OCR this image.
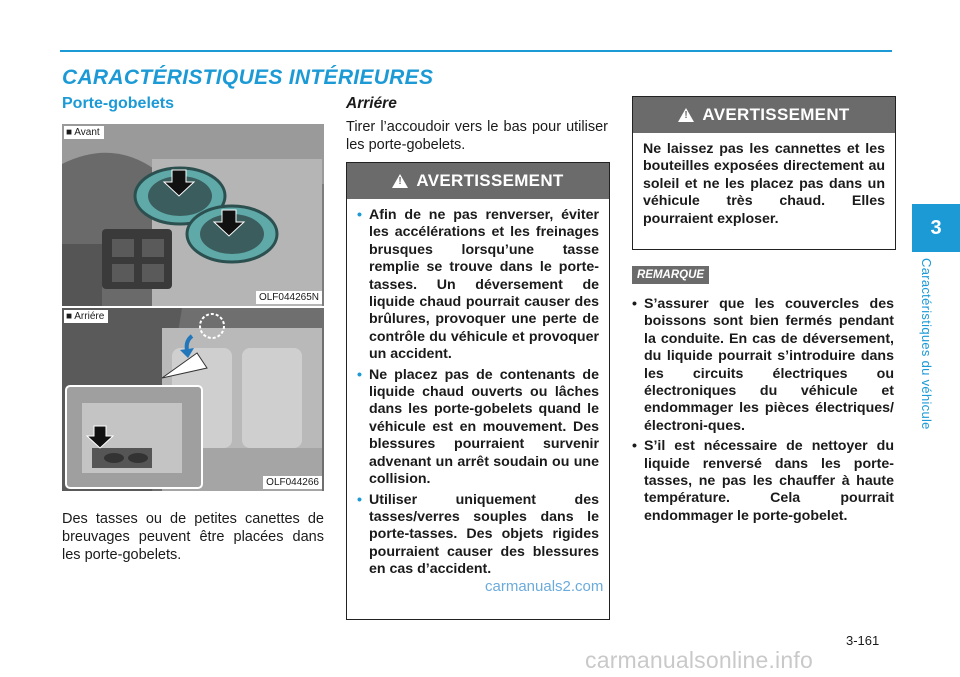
CARACTÉRISTIQUES INTÉRIEURES
Porte-gobelets
■ Avant
OLF044265N
■ Arriére
OLF044266
Des tasses ou de petites canettes de breuvages peuvent être placées dans les porte-gobelets.
Arriére
Tirer l’accoudoir vers le bas pour utiliser les porte-gobelets.
!
AVERTISSEMENT
• Afin de ne pas renverser, éviter les accélérations et les freinages brusques lorsqu’une tasse remplie se trouve dans le porte-tasses. Un déversement de liquide chaud pourrait causer des brûlures, provoquer une perte de contrôle du véhicule et provoquer un accident.
• Ne placez pas de contenants de liquide chaud ouverts ou lâches dans les porte-gobelets quand le véhicule est en mouvement. Des blessures pourraient survenir advenant un arrêt soudain ou une collision.
• Utiliser uniquement des tasses/verres souples dans le porte-tasses. Des objets rigides pourraient causer des blessures en cas d’accident.
!
AVERTISSEMENT

Ne laissez pas les cannettes et les bouteilles exposées directement au soleil et ne les placez pas dans un véhicule très chaud. Elles pourraient exploser.

REMARQUE
• S’assurer que les couvercles des boissons sont bien fermés pendant la conduite. En cas de déversement, du liquide pourrait s’introduire dans les circuits électriques ou électroniques du véhicule et endommager les pièces électriques/électroni-ques.
• S’il est nécessaire de nettoyer du liquide renversé dans les porte-tasses, ne pas les chauffer à haute température. Cela pourrait endommager le porte-gobelet.
3
Caractéristiques du véhicule
3-161
carmanuals2.com
carmanualsonline.info
